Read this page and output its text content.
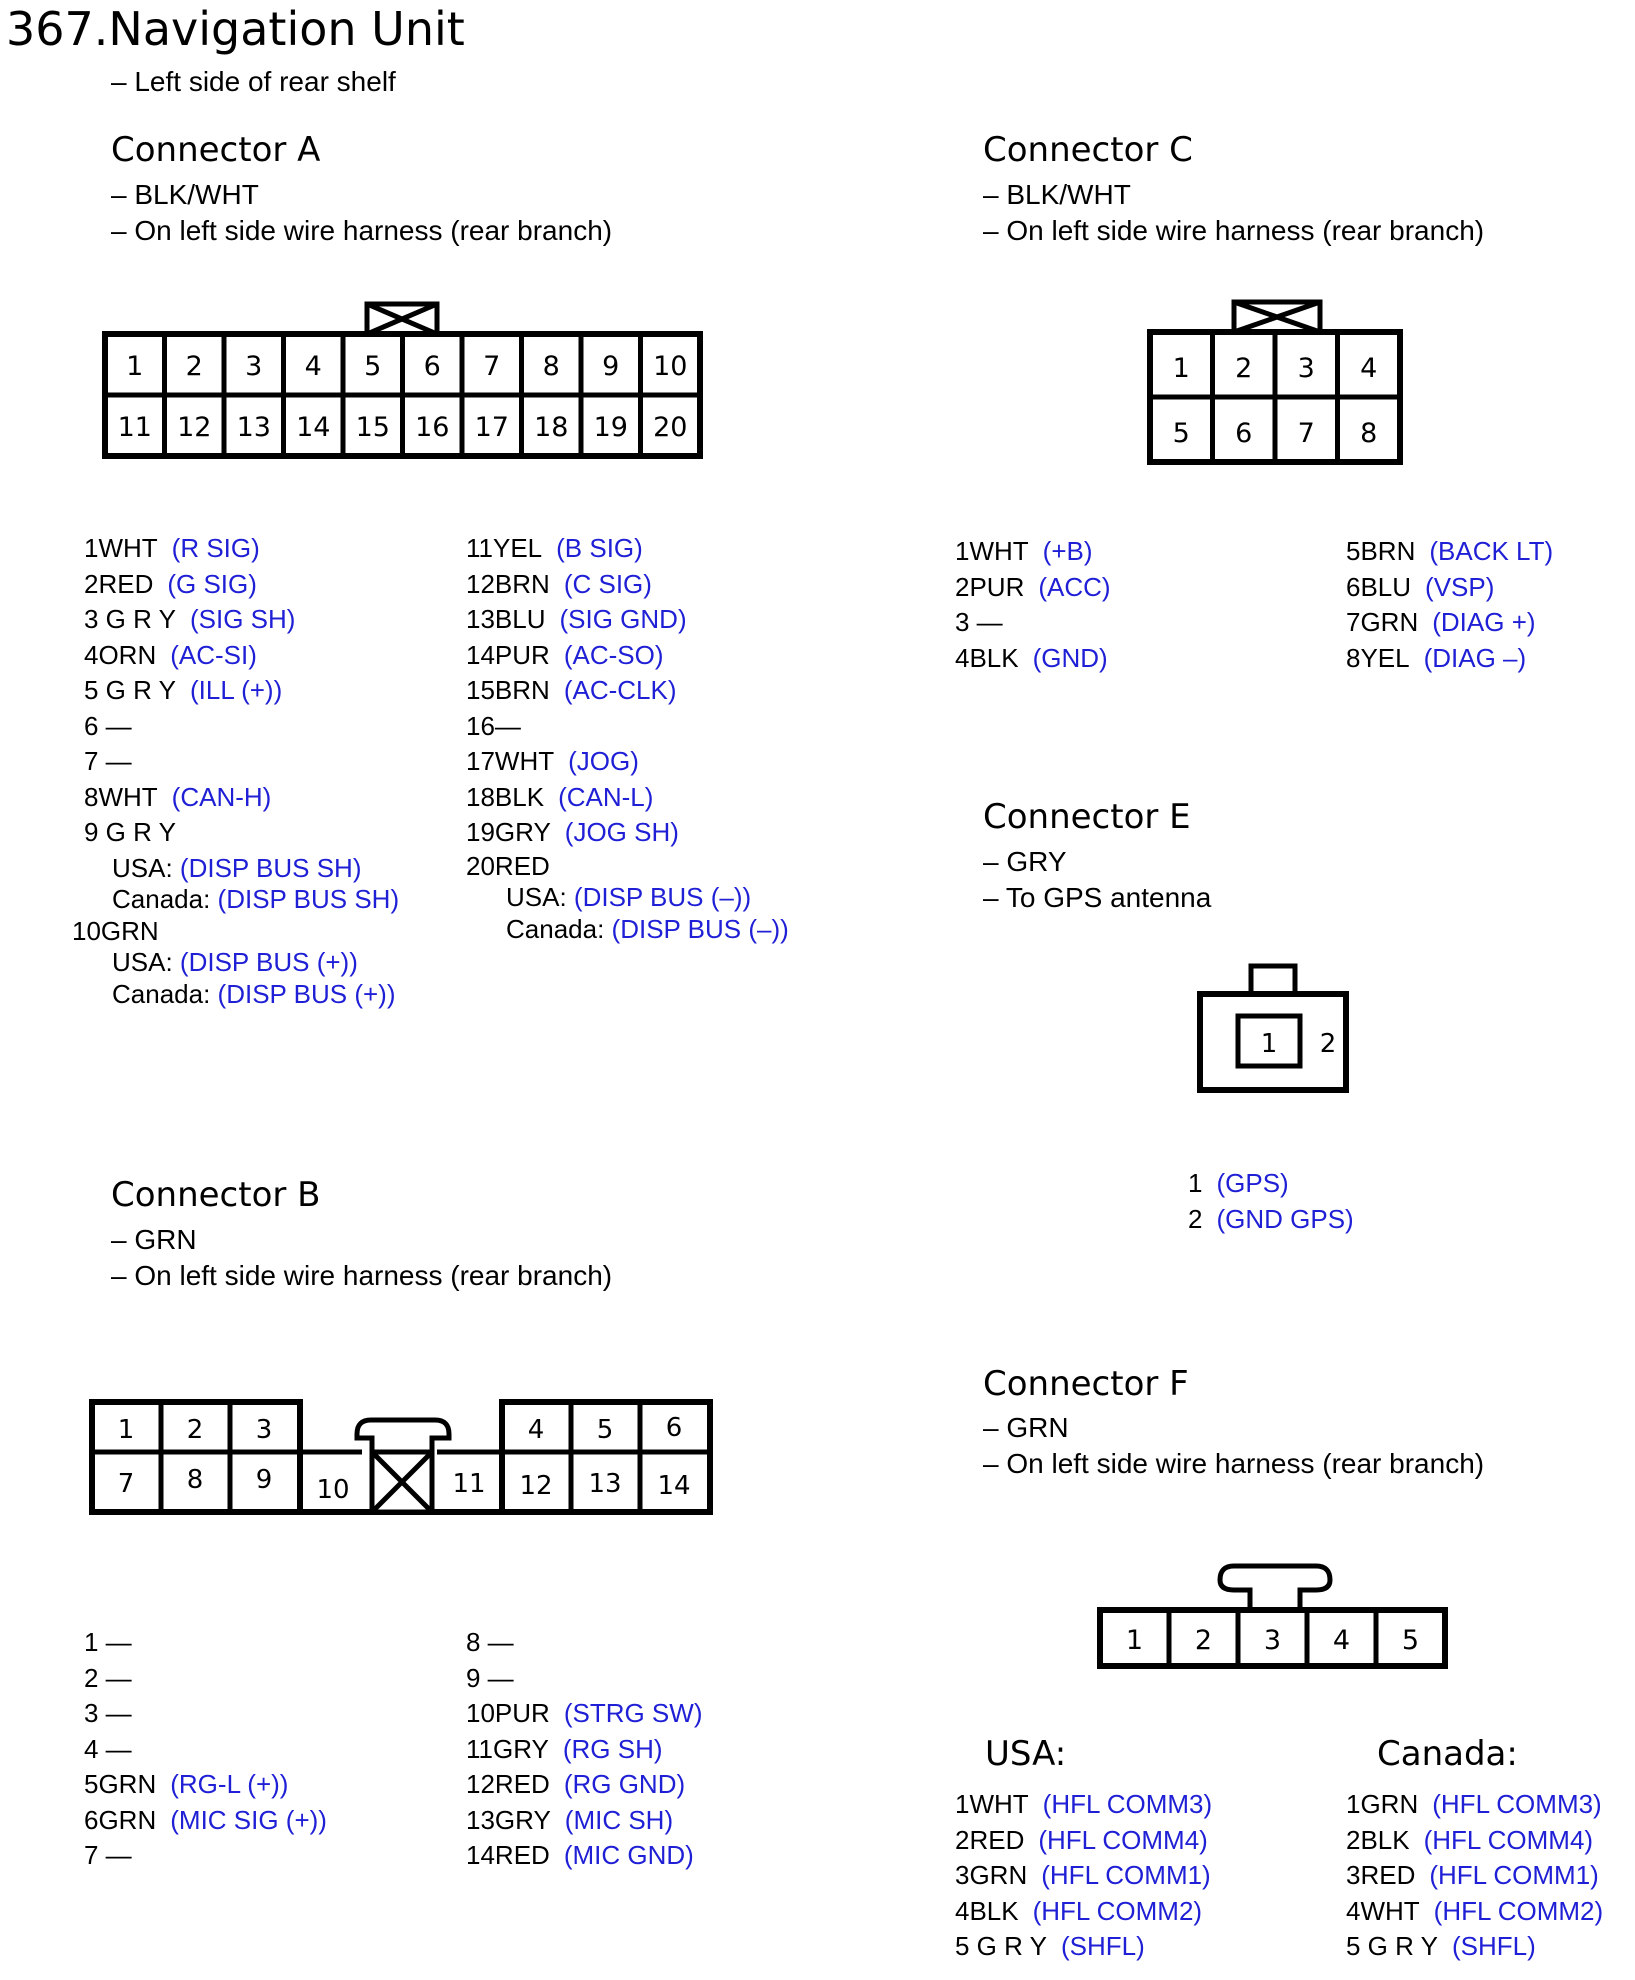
367.Navigation Unit
– Left side of rear shelf
Connector A
– BLK/WHT
– On left side wire harness (rear branch)
1 2 3 4 5 6 7 8 9 10
11 12 13 14 15 16 17 18 19 20
1WHT (R SIG)
2RED (G SIG)
3 G R Y (SIG SH)
4ORN (AC-SI)
5 G R Y (ILL (+))
6 —
7 —
8WHT (CAN-H)
9 G R Y
USA: (DISP BUS SH)
Canada: (DISP BUS SH)
10GRN
USA: (DISP BUS (+))
Canada: (DISP BUS (+))
11YEL (B SIG)
12BRN (C SIG)
13BLU (SIG GND)
14PUR (AC-SO)
15BRN (AC-CLK)
16—
17WHT (JOG)
18BLK (CAN-L)
19GRY (JOG SH)
20RED
USA: (DISP BUS (–))
Canada: (DISP BUS (–))
Connector C
– BLK/WHT
– On left side wire harness (rear branch)
1 2 3 4
5 6 7 8
1WHT (+B)
2PUR (ACC)
3 —
4BLK (GND)
5BRN (BACK LT)
6BLU (VSP)
7GRN (DIAG +)
8YEL (DIAG –)
Connector E
– GRY
– To GPS antenna
1 2
1 (GPS)
2 (GND GPS)
Connector B
– GRN
– On left side wire harness (rear branch)
1 2 3	4 5 6
7 8 9 10	11 12 13 14
1 —
2 —
3 —
4 —
5GRN (RG-L (+))
6GRN (MIC SIG (+))
7 —
8 —
9 —
10PUR (STRG SW)
11GRY (RG SH)
12RED (RG GND)
13GRY (MIC SH)
14RED (MIC GND)
Connector F
– GRN
– On left side wire harness (rear branch)
1 2 3 4 5
USA:	Canada:
1WHT (HFL COMM3)
2RED (HFL COMM4)
3GRN (HFL COMM1)
4BLK (HFL COMM2)
5 G R Y (SHFL)
1GRN (HFL COMM3)
2BLK (HFL COMM4)
3RED (HFL COMM1)
4WHT (HFL COMM2)
5 G R Y (SHFL)
